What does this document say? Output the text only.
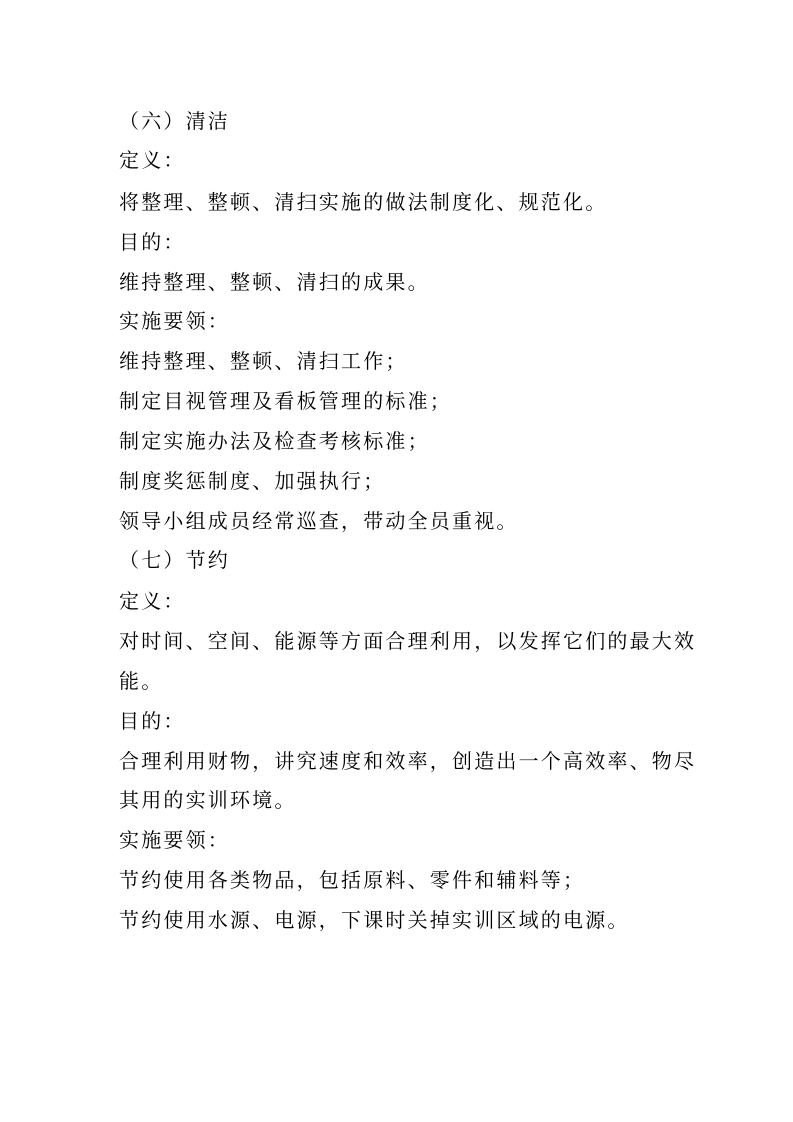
（六）清洁
定义：
将整理、整顿、清扫实施的做法制度化、规范化。
目的：
维持整理、整顿、清扫的成果。
实施要领：
维持整理、整顿、清扫工作；
制定目视管理及看板管理的标准；
制定实施办法及检查考核标准；
制度奖惩制度、加强执行；
领导小组成员经常巡查，带动全员重视。
（七）节约
定义：
对时间、空间、能源等方面合理利用，以发挥它们的最大效
能。
目的：
合理利用财物，讲究速度和效率，创造出一个高效率、物尽
其用的实训环境。
实施要领：
节约使用各类物品，包括原料、零件和辅料等；
节约使用水源、电源，下课时关掉实训区域的电源。
